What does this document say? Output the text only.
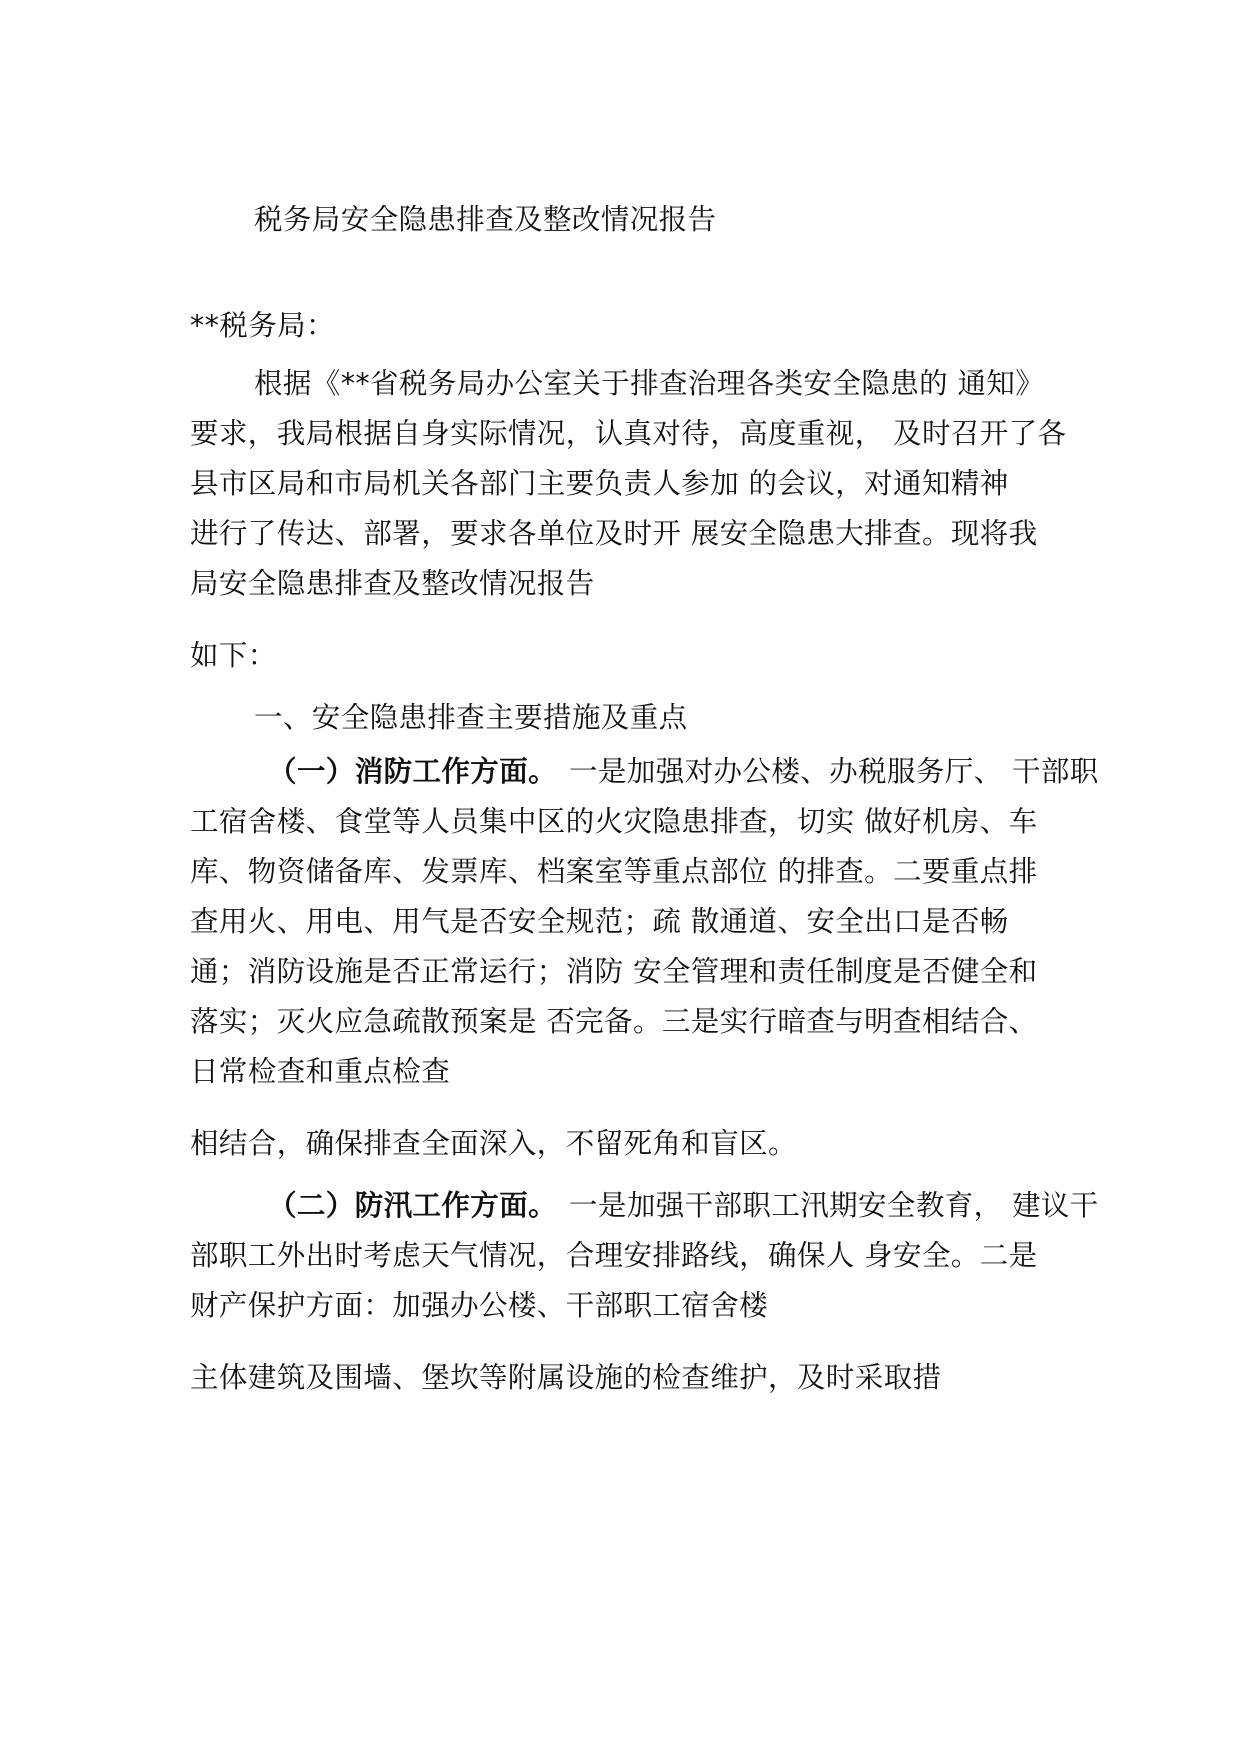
税务局安全隐患排查及整改情况报告

**税务局：

根据《**省税务局办公室关于排查治理各类安全隐患的 通知》

要求，我局根据自身实际情况，认真对待，高度重视， 及时召开了各

县市区局和市局机关各部门主要负责人参加 的会议，对通知精神

进行了传达、部署，要求各单位及时开 展安全隐患大排查。现将我

局安全隐患排查及整改情况报告

如下：

一、安全隐患排查主要措施及重点

（一）消防工作方面。 一是加强对办公楼、办税服务厅、 干部职

工宿舍楼、食堂等人员集中区的火灾隐患排查，切实 做好机房、车

库、物资储备库、发票库、档案室等重点部位 的排查。二要重点排

查用火、用电、用气是否安全规范；疏 散通道、安全出口是否畅

通；消防设施是否正常运行；消防 安全管理和责任制度是否健全和

落实；灭火应急疏散预案是 否完备。三是实行暗查与明查相结合、

日常检查和重点检查

相结合，确保排查全面深入，不留死角和盲区。

（二）防汛工作方面。 一是加强干部职工汛期安全教育， 建议干

部职工外出时考虑天气情况，合理安排路线，确保人 身安全。二是

财产保护方面：加强办公楼、干部职工宿舍楼

主体建筑及围墙、堡坎等附属设施的检查维护，及时采取措
